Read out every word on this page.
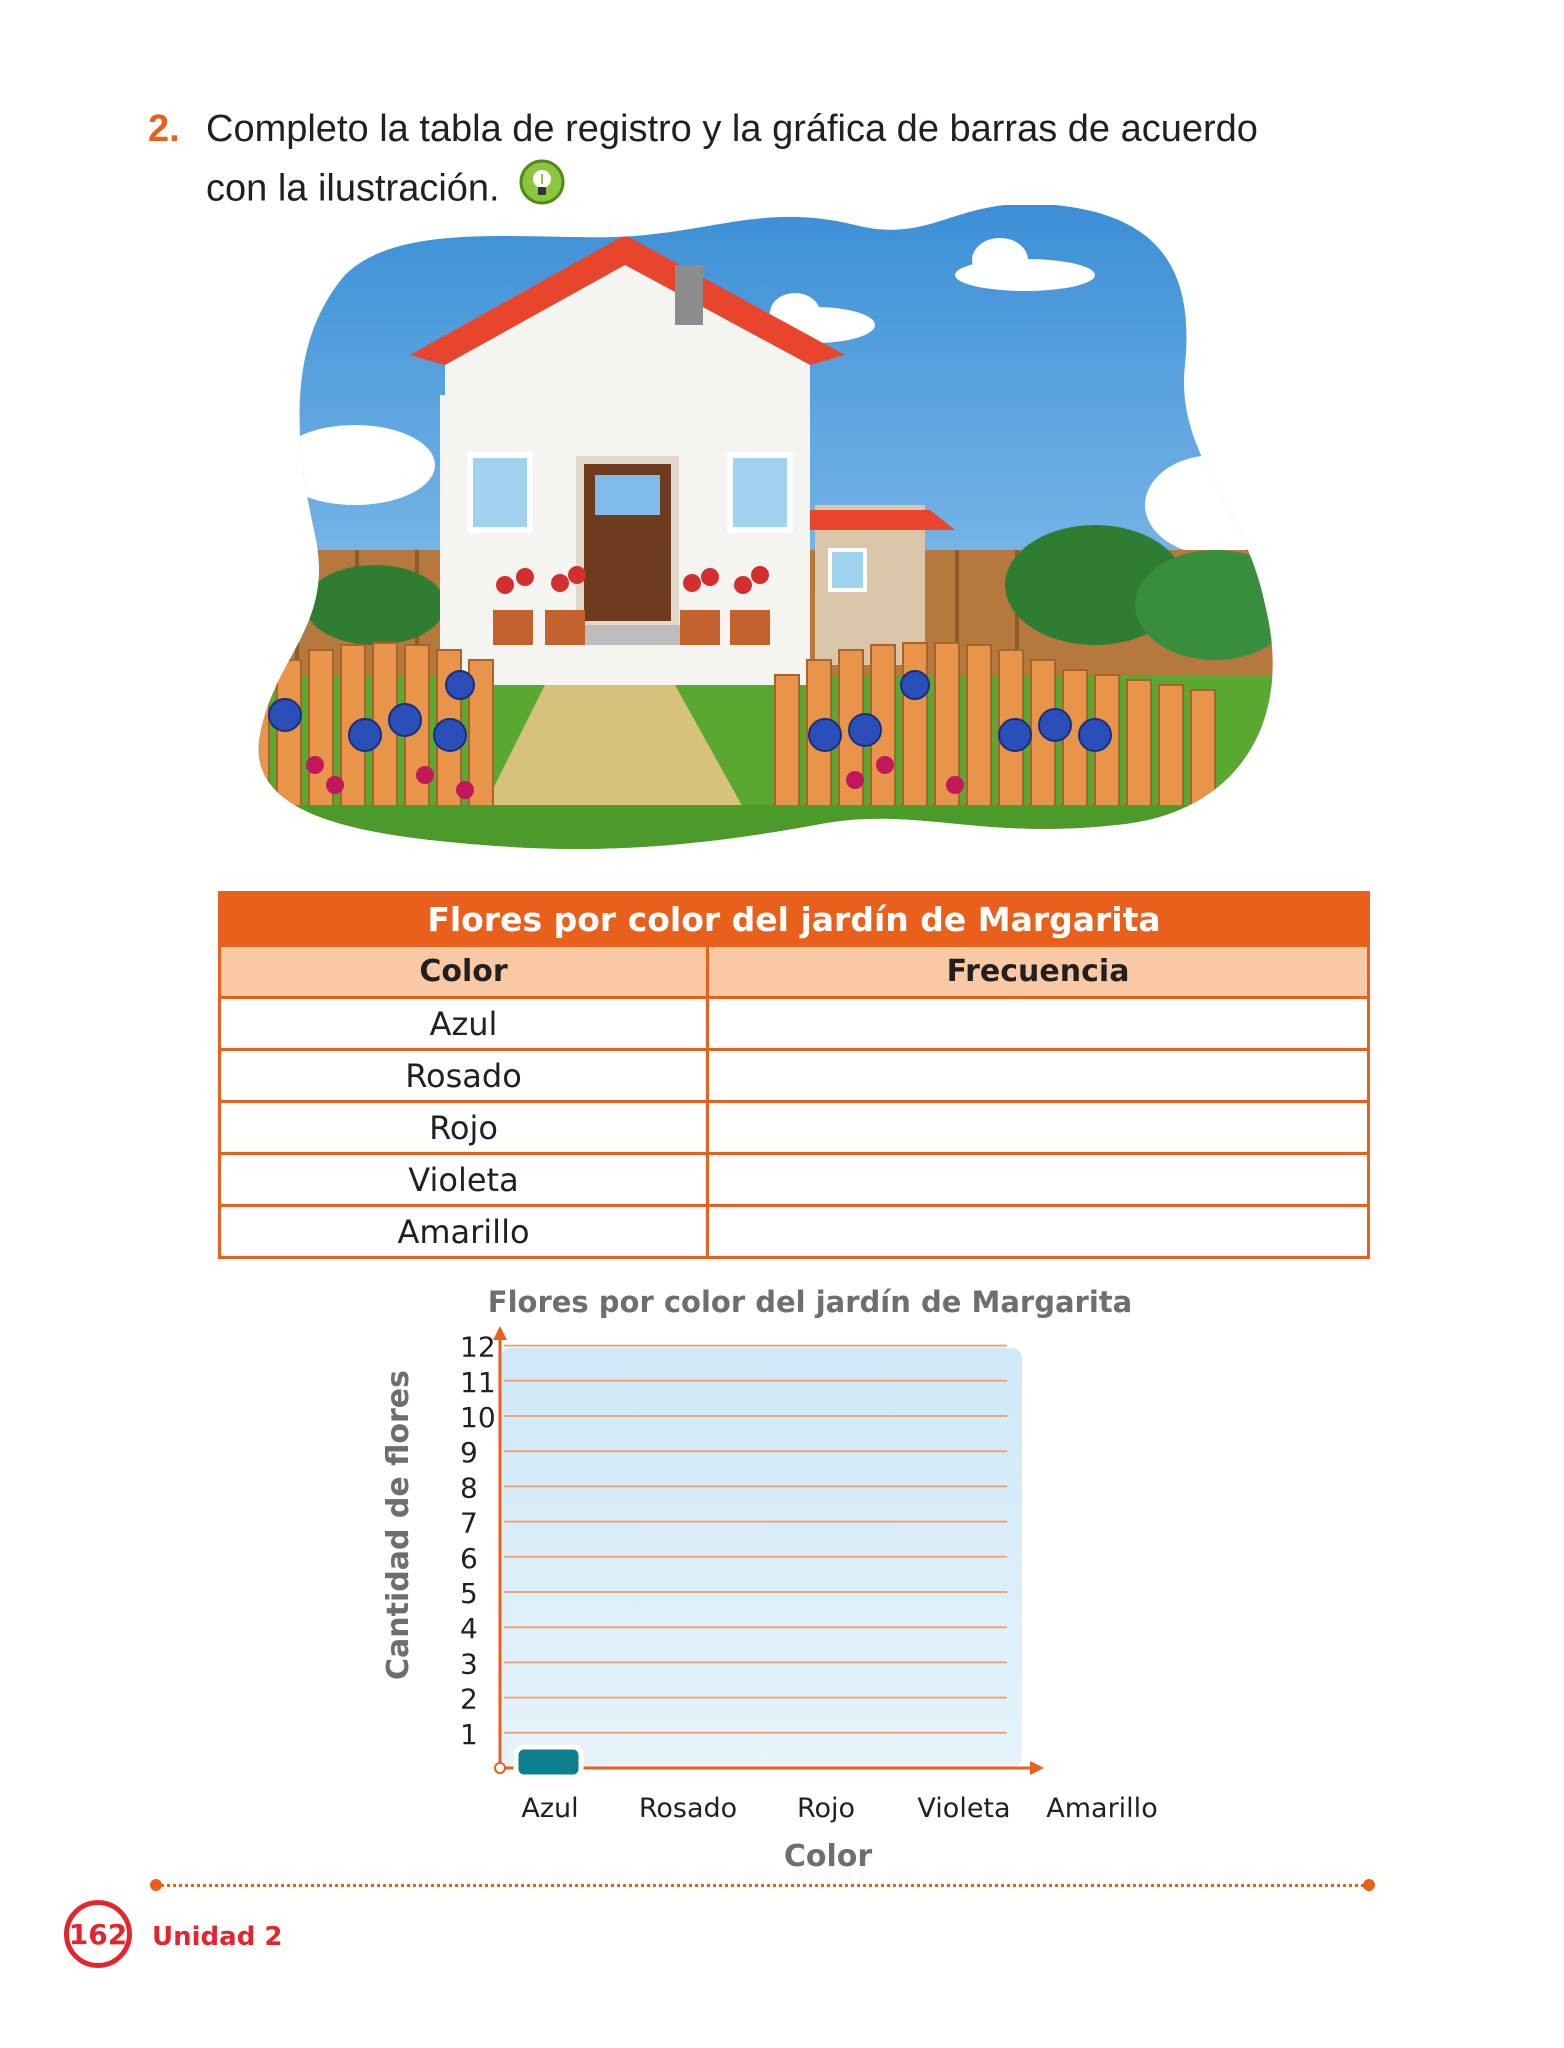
2. Completo la tabla de registro y la gráfica de barras de acuerdo
con la ilustración.
Flores por color del jardín de Margarita	
Color	Frecuencia
Azul	
Rosado	
Rojo	
Violeta	
Amarillo	
Flores por color del jardín de Margarita
Cantidad de flores
Color
1
2
3
4
5
6
7
8
9
10
11
12
Azul Rosado Rojo Violeta Amarillo
162 Unidad 2
